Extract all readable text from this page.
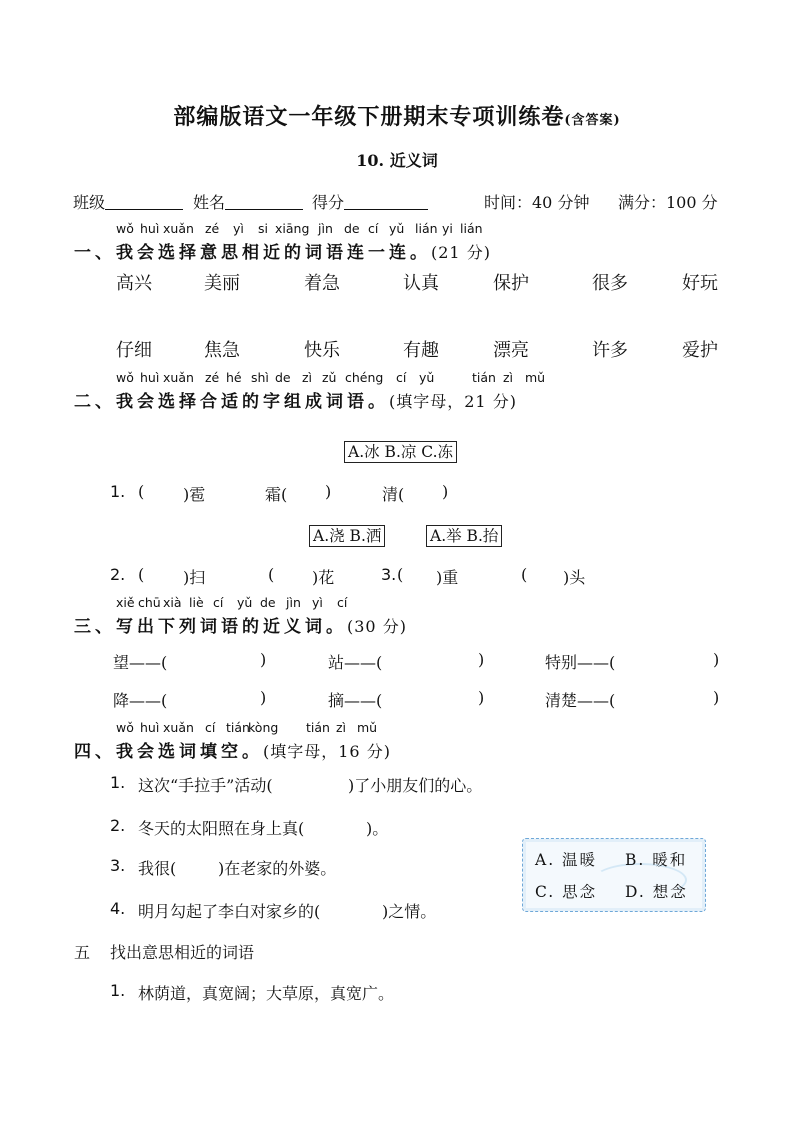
部编版语文一年级下册期末专项训练卷(含答案)
10. 近义词
班级	姓名	得分	时间：40 分钟 满分：100 分
wǒ huì xuǎn zé yì si xiāng jìn de cí yǔ lián yi lián
一、我会选择意思相近的词语连一连。(21 分)
高兴	美丽	着急	认真	保护	很多	好玩
仔细	焦急	快乐	有趣	漂亮	许多	爱护
wǒ huì xuǎn zé hé shì de zì zǔ chéng cí yǔ	tián zì mǔ
二、我会选择合适的字组成词语。(填字母，21 分)
A.冰 B.凉 C.冻
1. ( )雹	霜( )	清( )
A.浇 B.洒	A.举 B.抬
2. ( )扫	( )花	3. ( )重	( )头
xiě chū xià liè cí yǔ de jìn yì cí
三、写出下列词语的近义词。(30 分)
望——(	)	站——(	)	特别——(	)
降——(	)	摘——(	)	清楚——(	)
wǒ huì xuǎn cí tián
kòng tián zì mǔ
四、我会选词填空。(填字母，16 分)
1. 这次“手拉手”活动(	)了小朋友们的心。
2. 冬天的太阳照在身上真(	)。
3. 我很(	)在老家的外婆。
4. 明月勾起了李白对家乡的(	)之情。
A. 温暖 B. 暖和
C. 思念 D. 想念
五 找出意思相近的词语
1. 林荫道，真宽阔；大草原，真宽广。
